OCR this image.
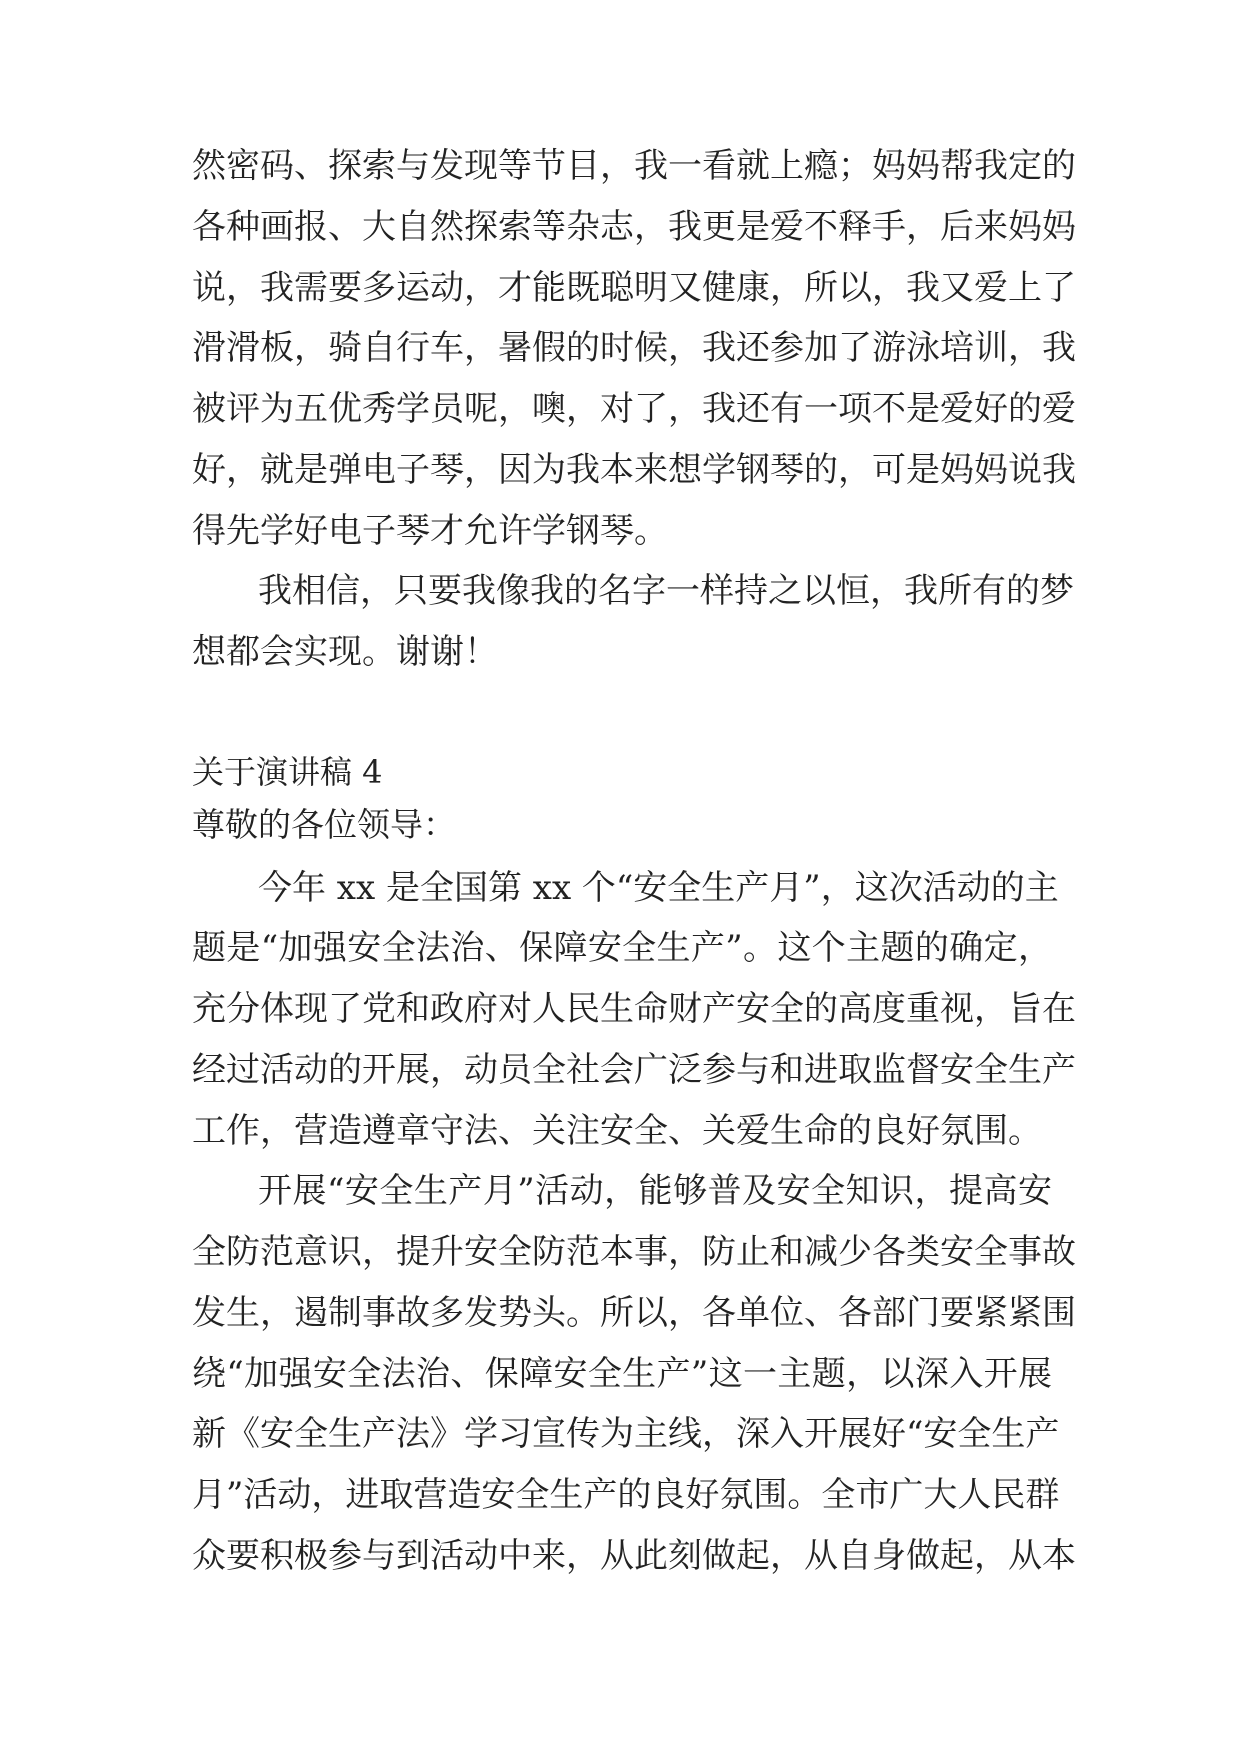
然密码、探索与发现等节目，我一看就上瘾；妈妈帮我定的
各种画报、大自然探索等杂志，我更是爱不释手，后来妈妈
说，我需要多运动，才能既聪明又健康，所以，我又爱上了
滑滑板，骑自行车，暑假的时候，我还参加了游泳培训，我
被评为五优秀学员呢，噢，对了，我还有一项不是爱好的爱
好，就是弹电子琴，因为我本来想学钢琴的，可是妈妈说我
得先学好电子琴才允许学钢琴。
我相信，只要我像我的名字一样持之以恒，我所有的梦
想都会实现。谢谢！
关于演讲稿 4
尊敬的各位领导：
今年 xx 是全国第 xx 个“安全生产月”，这次活动的主
题是“加强安全法治、保障安全生产”。这个主题的确定，
充分体现了党和政府对人民生命财产安全的高度重视，旨在
经过活动的开展，动员全社会广泛参与和进取监督安全生产
工作，营造遵章守法、关注安全、关爱生命的良好氛围。
开展“安全生产月”活动，能够普及安全知识，提高安
全防范意识，提升安全防范本事，防止和减少各类安全事故
发生，遏制事故多发势头。所以，各单位、各部门要紧紧围
绕“加强安全法治、保障安全生产”这一主题，以深入开展
新《安全生产法》学习宣传为主线，深入开展好“安全生产
月”活动，进取营造安全生产的良好氛围。全市广大人民群
众要积极参与到活动中来，从此刻做起，从自身做起，从本
